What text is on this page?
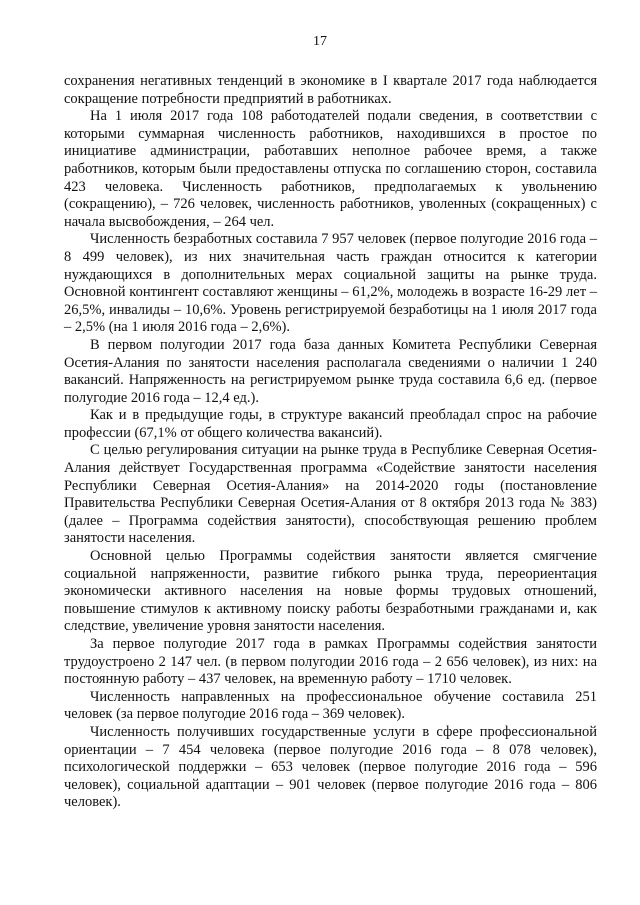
17

сохранения негативных тенденций в экономике в I квартале 2017 года наблюдается сокращение потребности предприятий в работниках.

На 1 июля 2017 года 108 работодателей подали сведения, в соответствии с которыми суммарная численность работников, находившихся в простое по инициативе администрации, работавших неполное рабочее время, а также работников, которым были предоставлены отпуска по соглашению сторон, составила 423 человека. Численность работников, предполагаемых к увольнению (сокращению), – 726 человек, численность работников, уволенных (сокращенных) с начала высвобождения, – 264 чел.

Численность безработных составила 7 957 человек (первое полугодие 2016 года – 8 499 человек), из них значительная часть граждан относится к категории нуждающихся в дополнительных мерах социальной защиты на рынке труда. Основной контингент составляют женщины – 61,2%, молодежь в возрасте 16-29 лет – 26,5%, инвалиды – 10,6%. Уровень регистрируемой безработицы на 1 июля 2017 года – 2,5% (на 1 июля 2016 года – 2,6%).

В первом полугодии 2017 года база данных Комитета Республики Северная Осетия-Алания по занятости населения располагала сведениями о наличии 1 240 вакансий. Напряженность на регистрируемом рынке труда составила 6,6 ед. (первое полугодие 2016 года – 12,4 ед.).

Как и в предыдущие годы, в структуре вакансий преобладал спрос на рабочие профессии (67,1% от общего количества вакансий).

С целью регулирования ситуации на рынке труда в Республике Северная Осетия-Алания действует Государственная программа «Содействие занятости населения Республики Северная Осетия-Алания» на 2014-2020 годы (постановление Правительства Республики Северная Осетия-Алания от 8 октября 2013 года № 383) (далее – Программа содействия занятости), способствующая решению проблем занятости населения.

Основной целью Программы содействия занятости является смягчение социальной напряженности, развитие гибкого рынка труда, переориентация экономически активного населения на новые формы трудовых отношений, повышение стимулов к активному поиску работы безработными гражданами и, как следствие, увеличение уровня занятости населения.

За первое полугодие 2017 года в рамках Программы содействия занятости трудоустроено 2 147 чел. (в первом полугодии 2016 года – 2 656 человек), из них: на постоянную работу – 437 человек, на временную работу – 1710 человек.

Численность направленных на профессиональное обучение составила 251 человек (за первое полугодие 2016 года – 369 человек).

Численность получивших государственные услуги в сфере профессиональной ориентации – 7 454 человека (первое полугодие 2016 года – 8 078 человек), психологической поддержки – 653 человек (первое полугодие 2016 года – 596 человек), социальной адаптации – 901 человек (первое полугодие 2016 года – 806 человек).
